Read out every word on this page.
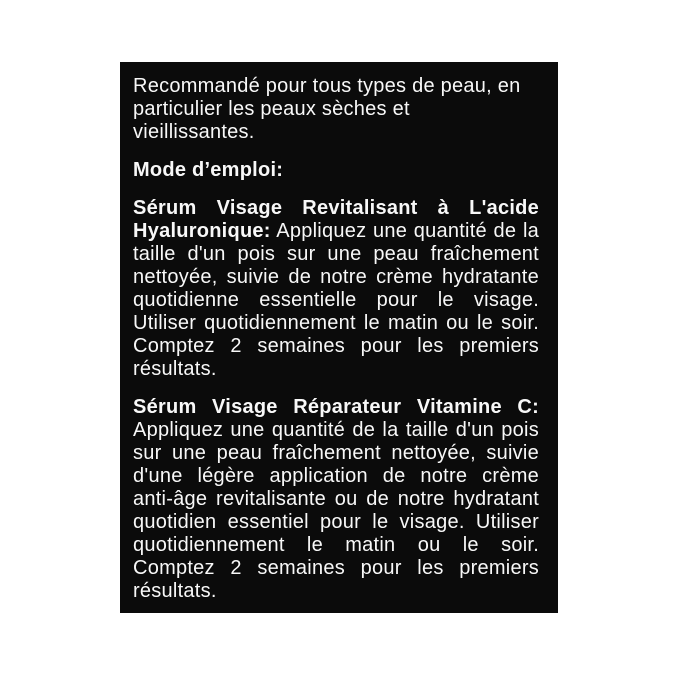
Recommandé pour tous types de peau, en
particulier les peaux sèches et
vieillissantes.

Mode d’emploi:

Sérum Visage Revitalisant à L'acide Hyaluronique: Appliquez une quantité de la taille d'un pois sur une peau fraîchement nettoyée, suivie de notre crème hydratante quotidienne essentielle pour le visage. Utiliser quotidiennement le matin ou le soir. Comptez 2 semaines pour les premiers résultats.

Sérum Visage Réparateur Vitamine C: Appliquez une quantité de la taille d'un pois sur une peau fraîchement nettoyée, suivie d'une légère application de notre crème anti-âge revitalisante ou de notre hydratant quotidien essentiel pour le visage. Utiliser quotidiennement le matin ou le soir. Comptez 2 semaines pour les premiers résultats.
